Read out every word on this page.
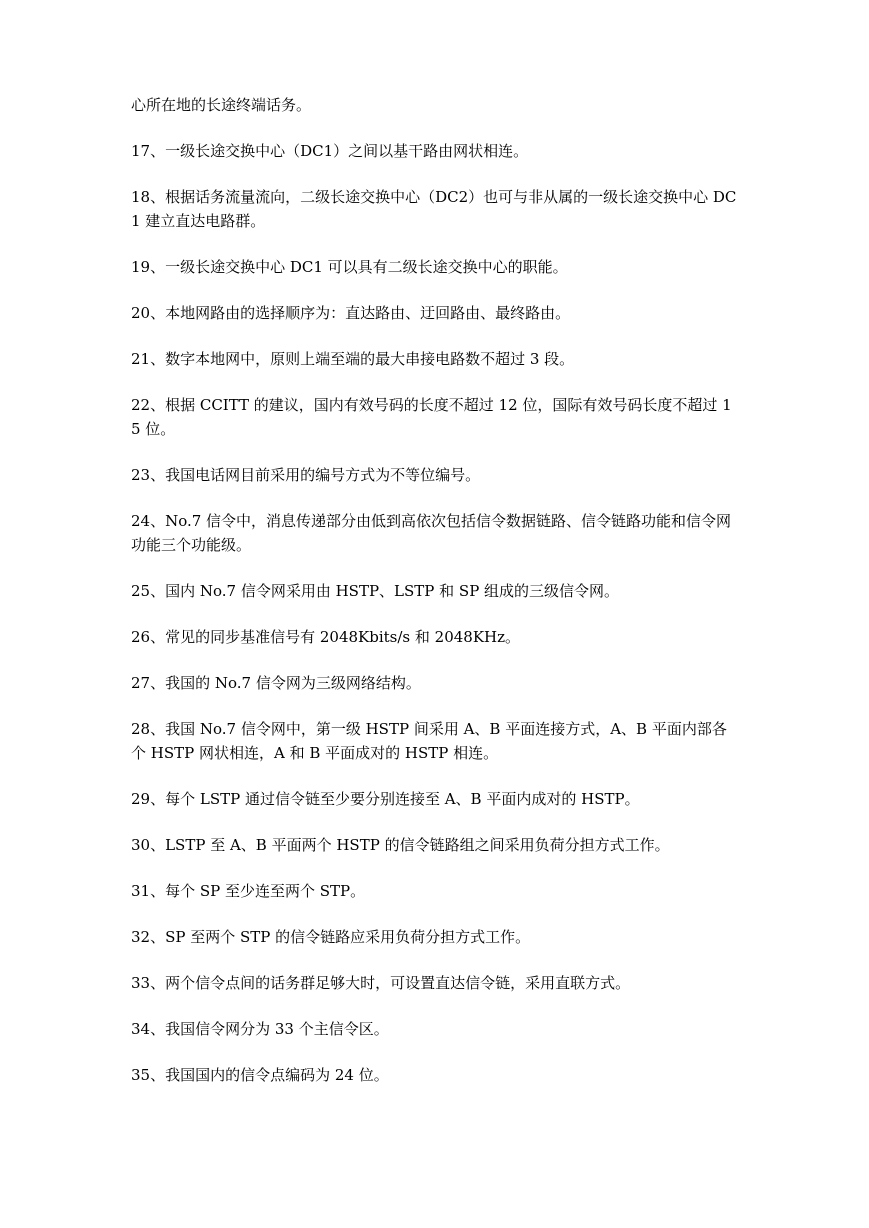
心所在地的长途终端话务。

17、一级长途交换中心（DC1）之间以基干路由网状相连。

18、根据话务流量流向，二级长途交换中心（DC2）也可与非从属的一级长途交换中心 DC1 建立直达电路群。

19、一级长途交换中心 DC1 可以具有二级长途交换中心的职能。

20、本地网路由的选择顺序为：直达路由、迂回路由、最终路由。

21、数字本地网中，原则上端至端的最大串接电路数不超过 3 段。

22、根据 CCITT 的建议，国内有效号码的长度不超过 12 位，国际有效号码长度不超过 15 位。

23、我国电话网目前采用的编号方式为不等位编号。

24、No.7 信令中，消息传递部分由低到高依次包括信令数据链路、信令链路功能和信令网功能三个功能级。

25、国内 No.7 信令网采用由 HSTP、LSTP 和 SP 组成的三级信令网。

26、常见的同步基准信号有 2048Kbits/s 和 2048KHz。

27、我国的 No.7 信令网为三级网络结构。

28、我国 No.7 信令网中，第一级 HSTP 间采用 A、B 平面连接方式，A、B 平面内部各个 HSTP 网状相连，A 和 B 平面成对的 HSTP 相连。

29、每个 LSTP 通过信令链至少要分别连接至 A、B 平面内成对的 HSTP。

30、LSTP 至 A、B 平面两个 HSTP 的信令链路组之间采用负荷分担方式工作。

31、每个 SP 至少连至两个 STP。

32、SP 至两个 STP 的信令链路应采用负荷分担方式工作。

33、两个信令点间的话务群足够大时，可设置直达信令链，采用直联方式。

34、我国信令网分为 33 个主信令区。

35、我国国内的信令点编码为 24 位。
